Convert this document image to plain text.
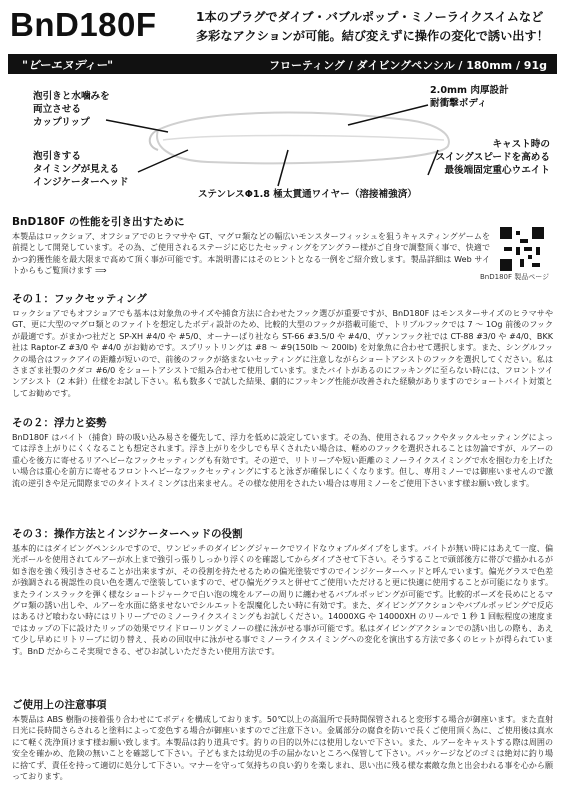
BnD180F	1本のプラグでダイブ・バブルポップ・ミノーライクスイムなど
多彩なアクションが可能。結び変えずに操作の変化で誘い出す！
"ビーエヌディー"	フローティング / ダイビングペンシル / 180mm / 91g
泡引きと水噛みを
両立させる
カップリップ
泡引きする
タイミングが見える
インジケーターヘッド
2.0mm 肉厚設計
耐衝撃ボディ
キャスト時の
スイングスピードを高める
最後端固定重心ウエイト
ステンレスΦ1.8 極太貫通ワイヤー（溶接補強済）
BnD180F の性能を引き出すために
本製品はロックショア、オフショアでのヒラマサや GT、マグロ類などの幅広いモンスターフィッシュを狙うキャスティングゲームを前提として開発しています。その為、ご使用されるステージに応じたセッティングをアングラー様がご自身で調整頂く事で、快適でかつ釣獲性能を最大限まで高めて頂く事が可能です。本説明書にはそのヒントとなる一例をご紹介致します。製品詳細は Web サイトからもご覧頂けます ⟹
BnD180F 製品ページ
その１：フックセッティング
ロックショアでもオフショアでも基本は対象魚のサイズや捕食方法に合わせたフック選びが重要ですが、BnD180F はモンスターサイズのヒラマサや GT、更に大型のマグロ類とのファイトを想定したボディ設計のため、比較的大型のフックが搭載可能で、トリプルフックでは 7 〜 1Og 前後のフックが最適です。がまかつ社だと SP-XH #4/0 や #5/0、オーナーばり社なら ST-66 #3.5/0 や #4/0、ヴァンフック社では CT-88 #3/0 や #4/0、BKK 社は Raptor-Z #3/0 や #4/0 がお勧めです。スプリットリングは #8 〜 #9(150lb 〜 200lb) を対象魚に合わせて選択します。また、シングルフックの場合はフックアイの距離が短いので、前後のフックが絡まないセッティングに注意しながらショートアシストのフックを選択してください。私はさまざま社製のクダコ #6/0 をショートアシストで組み合わせて使用しています。またバイトがあるのにフッキングに至らない時には、フロントツインアシスト（2 本針）仕様をお試し下さい。私も数多くで試した結果、劇的にフッキング性能が改善された経験がありますのでショートバイト対策としてお勧めです。
その２：浮力と姿勢
BnD180F はバイト（捕食）時の吸い込み易さを優先して、浮力を低めに設定しています。その為、使用されるフックやタックルセッティングによっては浮き上がりにくくなることも想定されます。浮き上がりを少しでも早くされたい場合は、軽めのフックを選択されることは勿論ですが、ルアーの重心を後方に寄せるリアヘビーなフックセッティングも有効です。その逆で、リトリーブや短い距離のミノーライクスイミングで水を掴む力を上げたい場合は重心を前方に寄せるフロントヘビーなフックセッティングにすると泳ぎが確保しにくくなります。但し、専用ミノーでは御座いませんので激流の逆引きや足元間際までのタイトスイミングは出来ません。その様な使用をされたい場合は専用ミノーをご使用下さいます様お願い致します。
その３：操作方法とインジケーターヘッドの役割
基本的にはダイビングペンシルですので、ワンピッチのダイビングジャークでワイドなウォブルダイブをします。バイトが無い時にはあえて一度、偏光ポールを使用されてルアーが水上まで強引っ張りしっかり浮くのを確認してからダイブさせて下さい。そうすることで頭部後方に帯びで描かれるが如き泡を強く残引きさせることが出来ますが、その役割を持たせるための偏光塗装ですのでインジケーターヘッドと呼んでいます。偏光グラスで色差が強調される視認性の良い色を選んで塗装していますので、ぜひ偏光グラスと併せてご使用いただけると更に快適に使用することが可能になります。またラインスラックを弾く様なショートジャークで白い泡の塊をルアーの周りに纏わせるバブルポッピングが可能です。比較的ボーズを長めにとるマグロ類の誘い出しや、ルアーを水面に絡ませないでシルエットを誤魔化したい時に有効です。また、ダイビングアクションやバブルポッピングで反応はあるけど喰わない時にはリトリーブでのミノーライクスイミングもお試しください。14000XG や 14000XH のリールで 1 秒 1 回転程度の速度まではカップの下に設けたリップの効果でワイドローリングミノーの様に泳がせる事が可能です。私はダイビングアクションでの誘い出しの際も、あえて少し早めにリトリーブに切り替え、長めの回収中に泳がせる事でミノーライクスイミングへの変化を演出する方法で多くのヒットが得られています。BnD だからこそ実現できる、ぜひお試しいただきたい使用方法です。
ご使用上の注意事項
本製品は ABS 樹脂の接着張り合わせにてボディを構成しております。50℃以上の高温所で長時間保管されると変形する場合が御座います。また直射日光に長時間さらされると塗料によって変色する場合が御座いますのでご注意下さい。金属部分の腐食を防いで長くご使用頂く為に、ご使用後は真水にて軽く洗浄頂けます様お願い致します。本製品は釣り道具です。釣りの目的以外には使用しないで下さい。また、ルアーをキャストする際は周囲の安全を確かめ、危険の無いことを確認して下さい。子どもまたは幼児の手の届かないところへ保管して下さい。パッケージなどのゴミは絶対に釣り場に捨てず、責任を持って適切に処分して下さい。マナーを守って気持ちの良い釣りを楽しまれ、思い出に残る様な素敵な魚と出会われる事を心から願っております。
